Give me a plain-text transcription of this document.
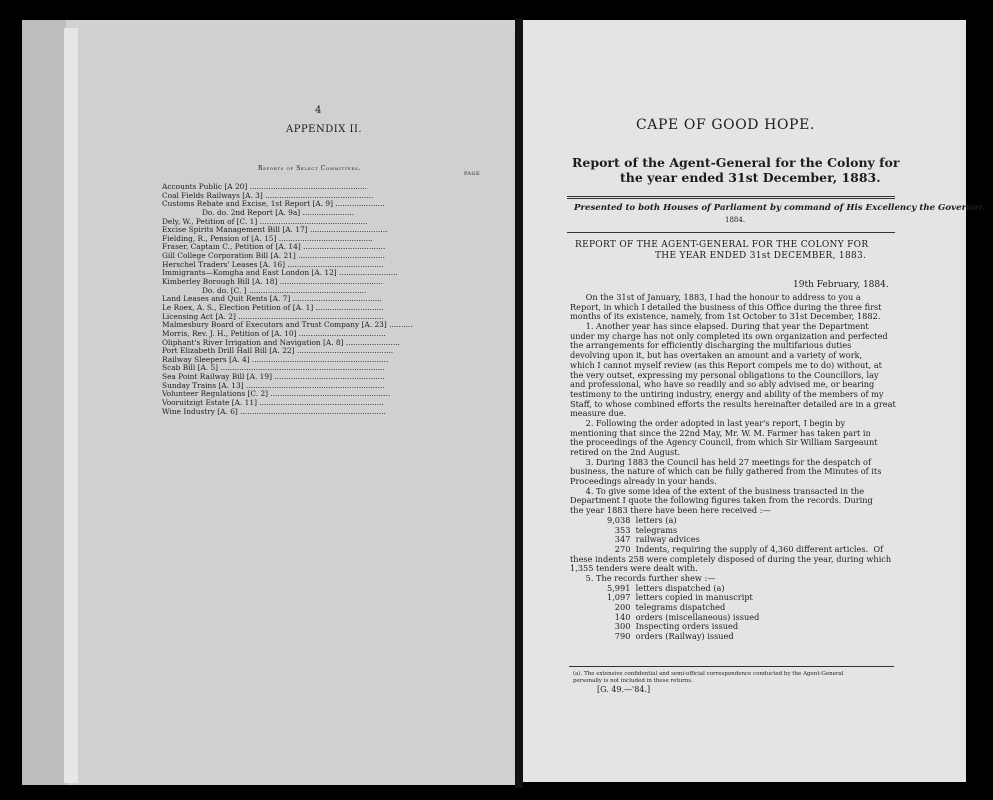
4
APPENDIX II.
Reports of Select Committees.
PAGE
Accounts Public [A 20] ..................................................
Coal Fields Railways [A. 3] ..............................................
Customs Rebate and Excise, 1st Report [A. 9] .....................
Do. do. 2nd Report [A. 9a] ......................
Dely, W., Petition of [C. 1] ..............................................
Excise Spirits Management Bill [A. 17] .................................
Fielding, R., Pension of [A. 15] ........................................
Fraser, Captain C., Petition of [A. 14] ...................................
Gill College Corporation Bill [A. 21] .....................................
Herschel Traders' Leases [A. 16] .........................................
Immigrants—Komgha and East London [A. 12] .........................
Kimberley Borough Bill [A. 18] ............................................
Do. do. [C. ] ..................................................
Land Leases and Quit Rents [A. 7] ......................................
Le Roex, A. S., Election Petition of [A. 1] .............................
Licensing Act [A. 2] ..............................................................
Malmesbury Board of Executors and Trust Company [A. 23] ..........
Morris, Rev. J. H., Petition of [A. 10] .....................................
Oliphant's River Irrigation and Navigation [A. 8] .......................
Port Elizabeth Drill Hall Bill [A. 22] .........................................
Railway Sleepers [A. 4] ..........................................................
Scab Bill [A. 5] ......................................................................
Sea Point Railway Bill [A. 19] ...............................................
Sunday Trains [A. 13] ...........................................................
Volunteer Regulations [C. 2] ...................................................
Vooruitzigt Estate [A. 11] .....................................................
Wine Industry [A. 6] ..............................................................
CAPE OF GOOD HOPE.
Report of the Agent-General for the Colony for
the year ended 31st December, 1883.
Presented to both Houses of Parliament by command of His Excellency the Governor.
1884.
REPORT OF THE AGENT-GENERAL FOR THE COLONY FOR
THE YEAR ENDED 31st DECEMBER, 1883.
19th February, 1884.
On the 31st of January, 1883, I had the honour to address to you a
Report, in which I detailed the business of this Office during the three first
months of its existence, namely, from 1st October to 31st December, 1882.
1. Another year has since elapsed. During that year the Department
under my charge has not only completed its own organization and perfected
the arrangements for efficiently discharging the multifarious duties
devolving upon it, but has overtaken an amount and a variety of work,
which I cannot myself review (as this Report compels me to do) without, at
the very outset, expressing my personal obligations to the Councillors, lay
and professional, who have so readily and so ably advised me, or bearing
testimony to the untiring industry, energy and ability of the members of my
Staff, to whose combined efforts the results hereinafter detailed are in a great
measure due.
2. Following the order adopted in last year's report, I begin by
mentioning that since the 22nd May, Mr. W. M. Farmer has taken part in
the proceedings of the Agency Council, from which Sir William Sargeaunt
retired on the 2nd August.
3. During 1883 the Council has held 27 meetings for the despatch of
business, the nature of which can be fully gathered from the Minutes of its
Proceedings already in your hands.
4. To give some idea of the extent of the business transacted in the
Department I quote the following figures taken from the records. During
the year 1883 there have been here received :—
9,038  letters (a)
353  telegrams
347  railway advices
270  Indents, requiring the supply of 4,360 different articles.  Of
these indents 258 were completely disposed of during the year, during which
1,355 tenders were dealt with.
5. The records further shew :—
5,991  letters dispatched (a)
1,097  letters copied in manuscript
200  telegrams dispatched
140  orders (miscellaneous) issued
300  Inspecting orders issued
790  orders (Railway) issued
(a). The extensive confidential and semi-official correspondence conducted by the Agent-General
personally is not included in these returns.
[G. 49.—'84.]
